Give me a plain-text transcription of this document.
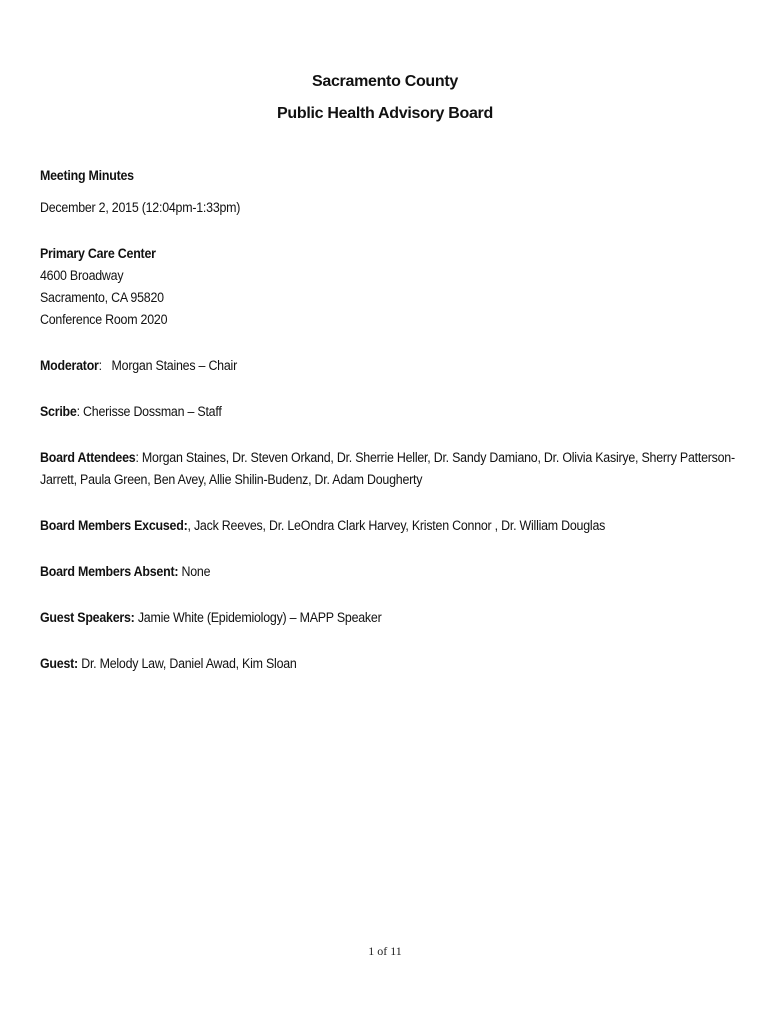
Sacramento County
Public Health Advisory Board
Meeting Minutes
December 2, 2015 (12:04pm-1:33pm)
Primary Care Center
4600 Broadway
Sacramento, CA 95820
Conference Room 2020
Moderator:   Morgan Staines – Chair
Scribe: Cherisse Dossman – Staff
Board Attendees: Morgan Staines, Dr. Steven Orkand, Dr. Sherrie Heller, Dr. Sandy Damiano, Dr. Olivia Kasirye, Sherry Patterson-Jarrett, Paula Green, Ben Avey, Allie Shilin-Budenz, Dr. Adam Dougherty
Board Members Excused:, Jack Reeves, Dr. LeOndra Clark Harvey, Kristen Connor , Dr. William Douglas
Board Members Absent: None
Guest Speakers: Jamie White (Epidemiology) – MAPP Speaker
Guest: Dr. Melody Law, Daniel Awad, Kim Sloan
1 of 11
